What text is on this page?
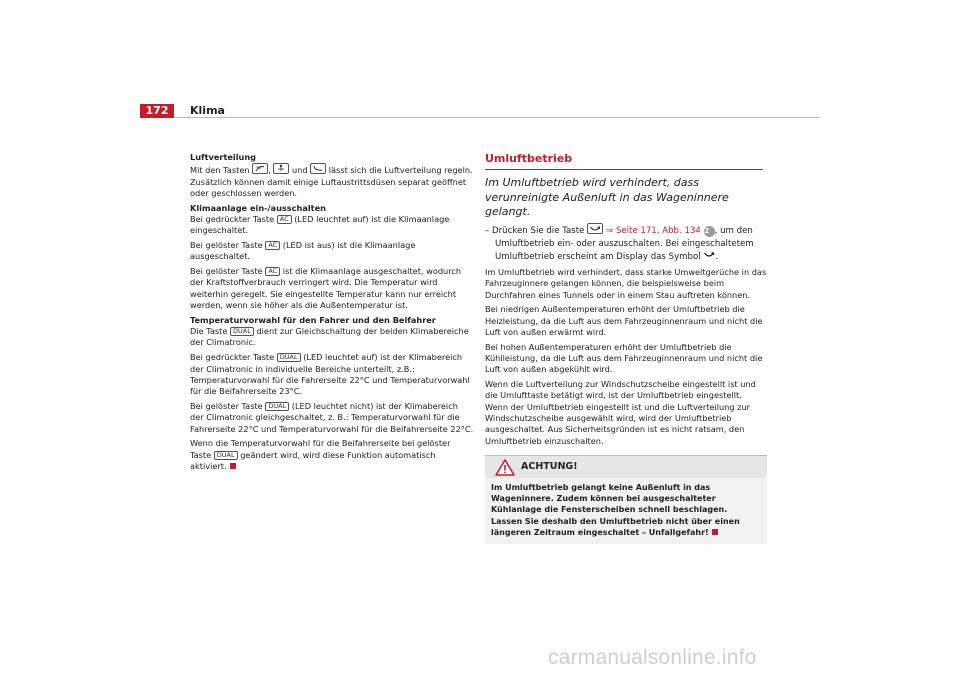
172	Klima

Luftverteilung
Mit den Tasten
,
und
lässt sich die Luftverteilung regeln. Zusätzlich können damit einige Luftaustrittsdüsen separat geöffnet oder geschlossen werden.

Klimaanlage ein-/ausschalten
Bei gedrückter Taste AC (LED leuchtet auf) ist die Klimaanlage eingeschaltet.

Bei gelöster Taste AC (LED ist aus) ist die Klimaanlage ausgeschaltet.

Bei gelöster Taste AC ist die Klimaanlage ausgeschaltet, wodurch der Kraftstoffverbrauch verringert wird. Die Temperatur wird weiterhin geregelt. Sie eingestellte Temperatur kann nur erreicht werden, wenn sie höher als die Außentemperatur ist.

Temperaturvorwahl für den Fahrer und den Beifahrer
Die Taste DUAL dient zur Gleichschaltung der beiden Klimabereiche der Climatronic.

Bei gedrückter Taste DUAL (LED leuchtet auf) ist der Klimabereich der Climatronic in individuelle Bereiche unterteilt, z.B.: Temperaturvorwahl für die Fahrerseite 22°C und Temperaturvorwahl für die Beifahrerseite 23°C.

Bei gelöster Taste DUAL (LED leuchtet nicht) ist der Klimabereich der Climatronic gleichgeschaltet, z. B.: Temperaturvorwahl für die Fahrerseite 22°C und Temperaturvorwahl für die Beifahrerseite 22°C.

Wenn die Temperaturvorwahl für die Beifahrerseite bei gelöster Taste DUAL geändert wird, wird diese Funktion automatisch aktiviert.

Umluftbetrieb

Im Umluftbetrieb wird verhindert, dass verunreinigte Außenluft in das Wageninnere gelangt.

– Drücken Sie die Taste
⇒ Seite 171, Abb. 134 A2 , um den Umluftbetrieb ein- oder auszuschalten. Bei eingeschaltetem Umluftbetrieb erscheint am Display das Symbol .

Im Umluftbetrieb wird verhindert, dass starke Umweltgerüche in das Fahrzeuginnere gelangen können, die beispielsweise beim Durchfahren eines Tunnels oder in einem Stau auftreten können.

Bei niedrigen Außentemperaturen erhöht der Umluftbetrieb die Heizleistung, da die Luft aus dem Fahrzeuginnenraum und nicht die Luft von außen erwärmt wird.

Bei hohen Außentemperaturen erhöht der Umluftbetrieb die Kühlleistung, da die Luft aus dem Fahrzeuginnenraum und nicht die Luft von außen abgekühlt wird.

Wenn die Luftverteilung zur Windschutzscheibe eingestellt ist und die Umlufttaste betätigt wird, ist der Umluftbetrieb eingestellt. Wenn der Umluftbetrieb eingestellt ist und die Luftverteilung zur Windschutzscheibe ausgewählt wird, wird der Umluftbetrieb ausgeschaltet. Aus Sicherheitsgründen ist es nicht ratsam, den Umluftbetrieb einzuschalten.

ACHTUNG!
Im Umluftbetrieb gelangt keine Außenluft in das Wageninnere. Zudem können bei ausgeschalteter Kühlanlage die Fensterscheiben schnell beschlagen. Lassen Sie deshalb den Umluftbetrieb nicht über einen längeren Zeitraum eingeschaltet – Unfallgefahr!
carmanualsonline.info
